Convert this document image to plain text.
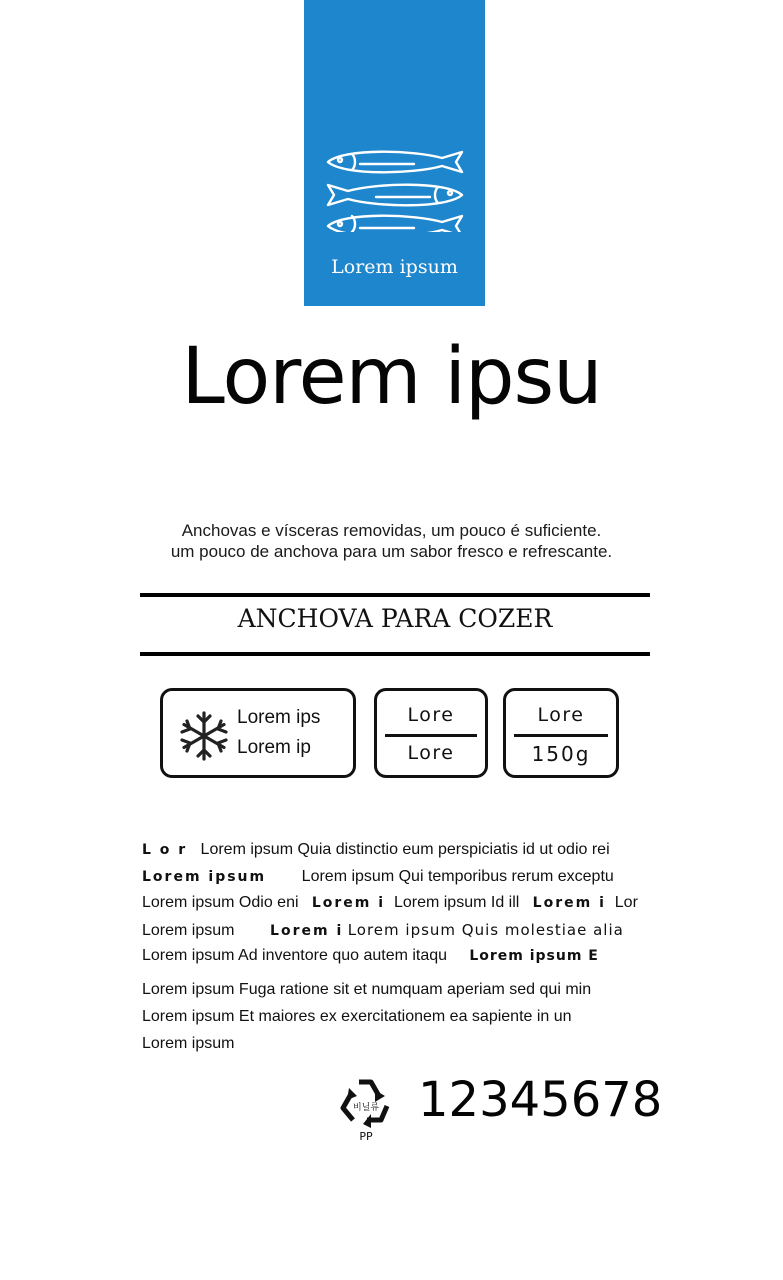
Lorem ipsum
Lorem ipsu
Anchovas e vísceras removidas, um pouco é suficiente.
um pouco de anchova para um sabor fresco e refrescante.
ANCHOVA PARA COZER
Lorem ips
Lorem ip
Lore
Lore
Lore
150g
L o r Lorem ipsum Quia distinctio eum perspiciatis id ut odio rei
Lorem ipsum Lorem ipsum Qui temporibus rerum exceptu
Lorem ipsum Odio eni Lorem i Lorem ipsum Id ill Lorem i Lor
Lorem ipsum	Lorem i Lorem ipsum Quis molestiae alia
Lorem ipsum Ad inventore quo autem itaqu Lorem ipsum E
Lorem ipsum Fuga ratione sit et numquam aperiam sed qui min
Lorem ipsum Et maiores ex exercitationem ea sapiente in un
Lorem ipsum
비닐류
PP
12345678
